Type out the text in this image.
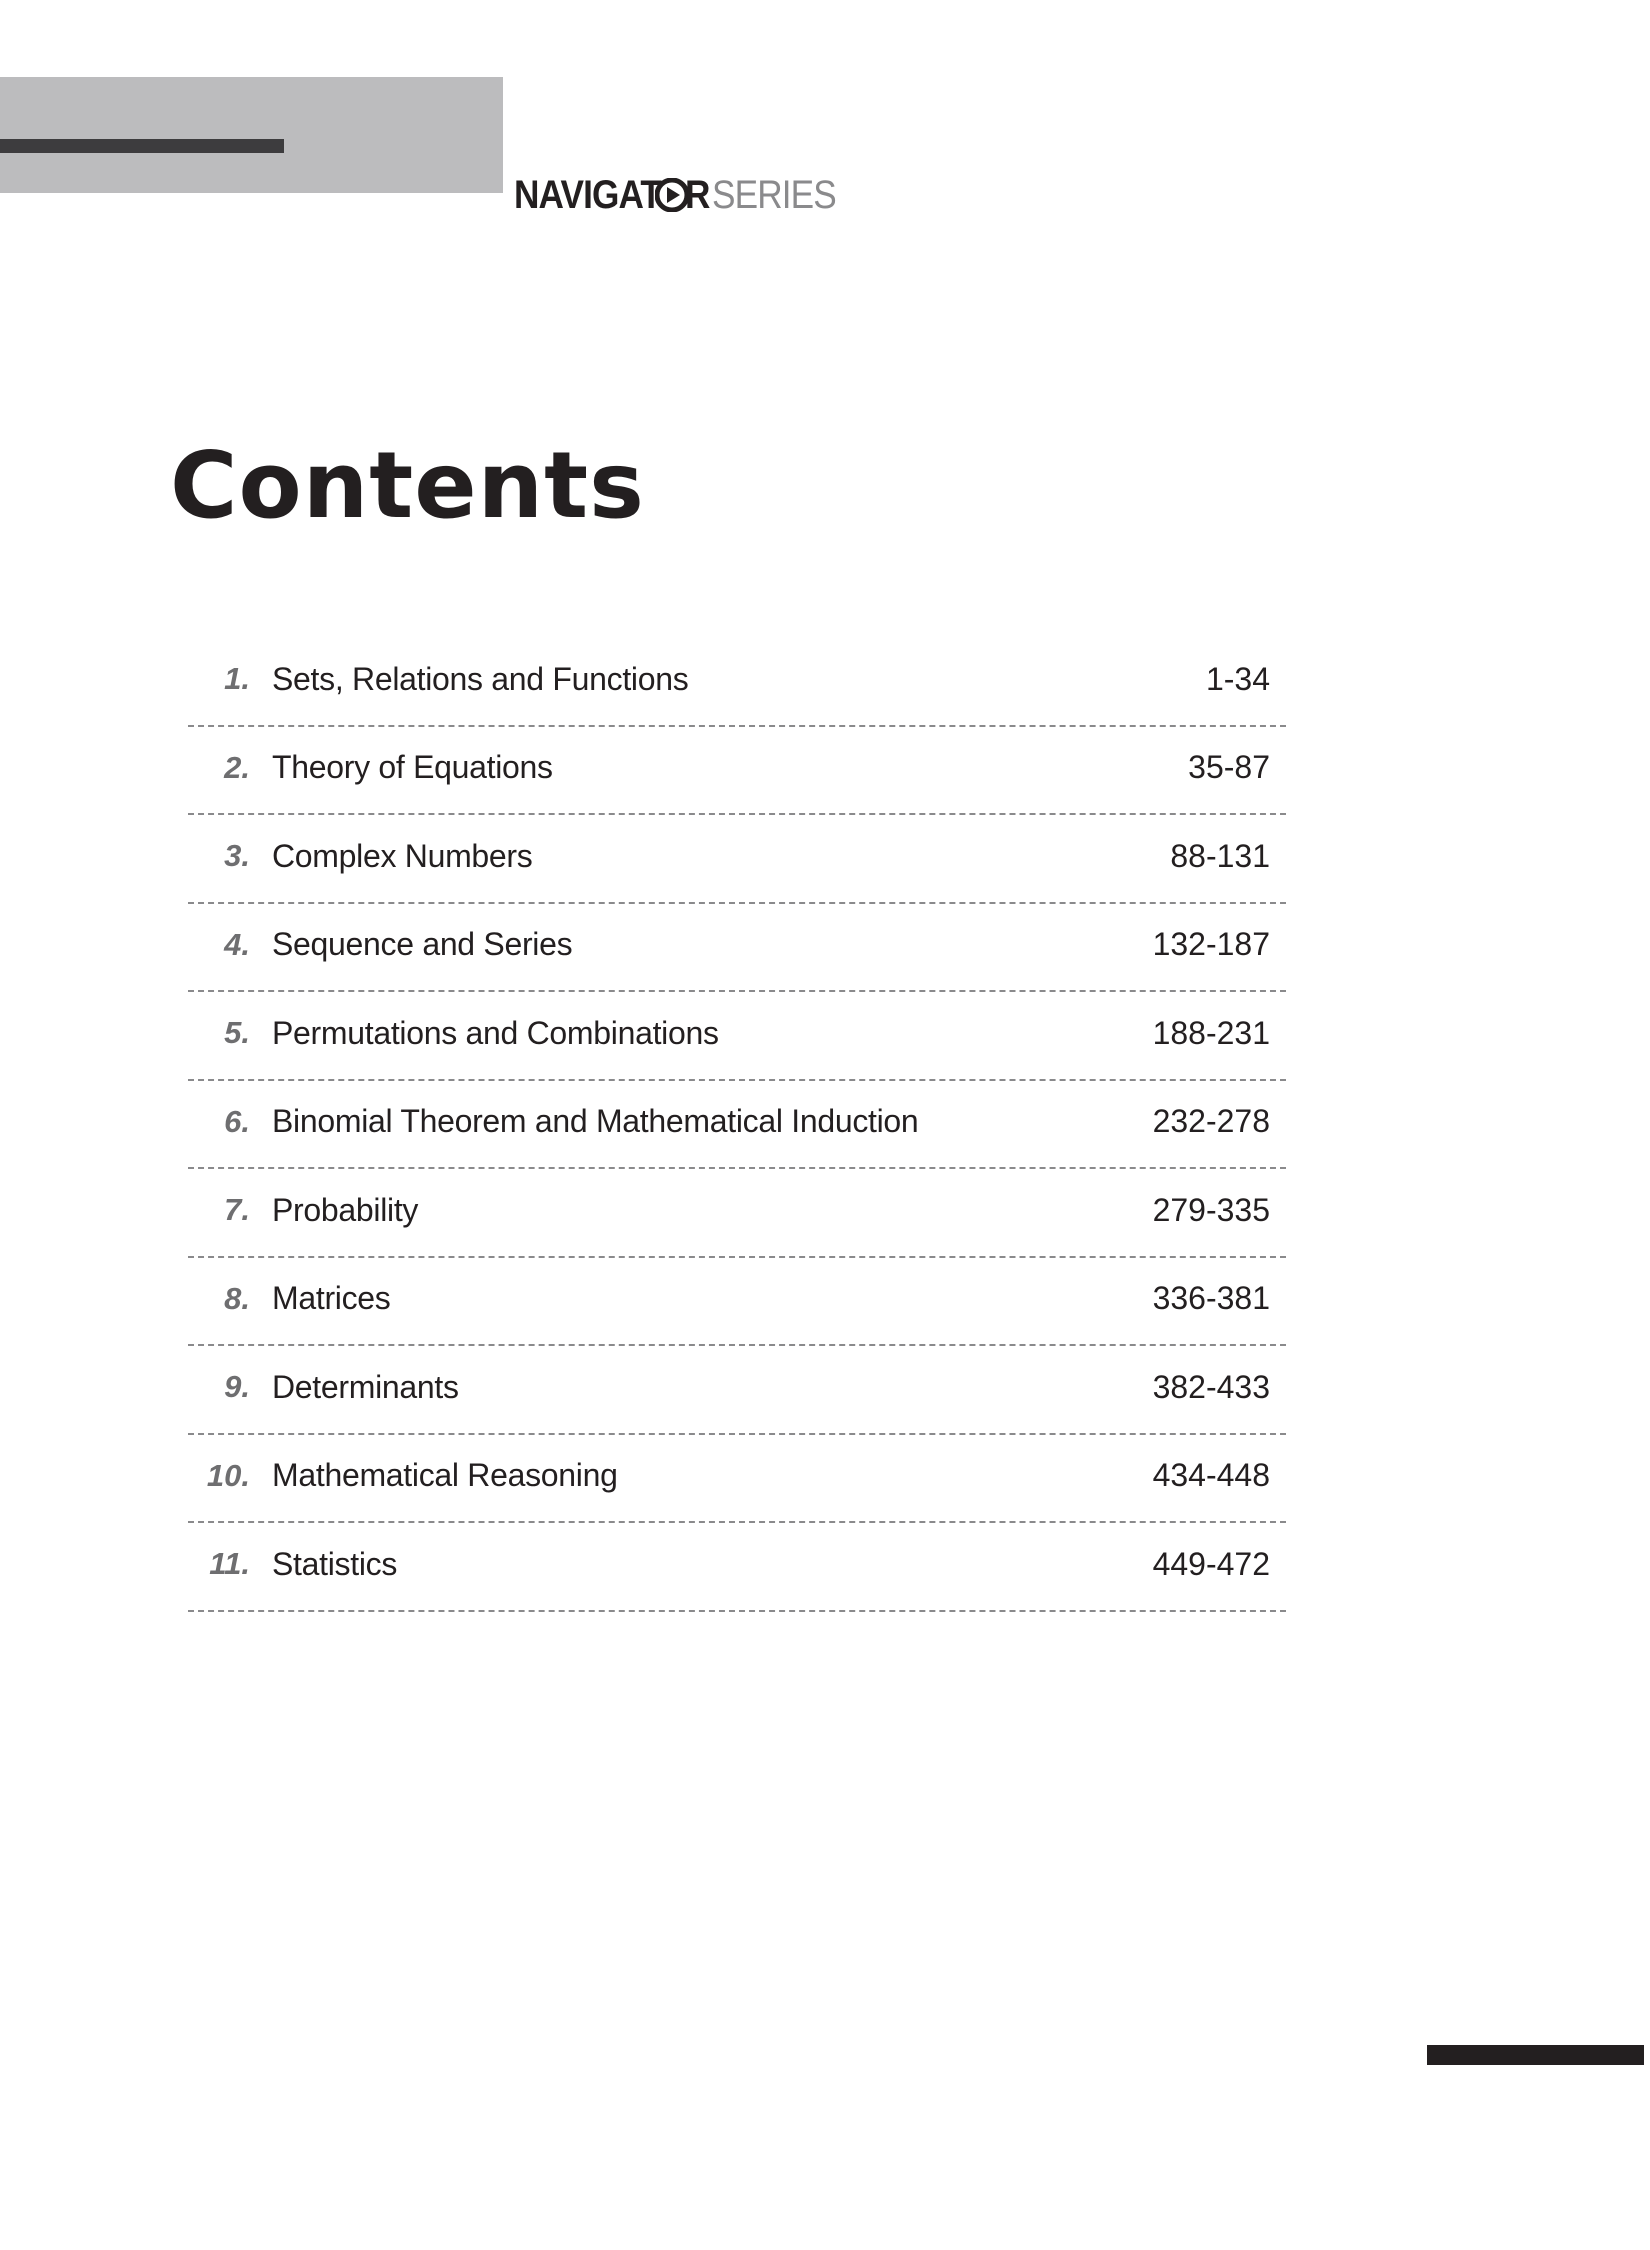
NAVIGAT R SERIES
Contents
1. Sets, Relations and Functions	1-34
2. Theory of Equations	35-87
3. Complex Numbers	88-131
4. Sequence and Series	132-187
5. Permutations and Combinations	188-231
6. Binomial Theorem and Mathematical Induction	232-278
7. Probability	279-335
8. Matrices	336-381
9. Determinants	382-433
10. Mathematical Reasoning	434-448
11. Statistics	449-472
